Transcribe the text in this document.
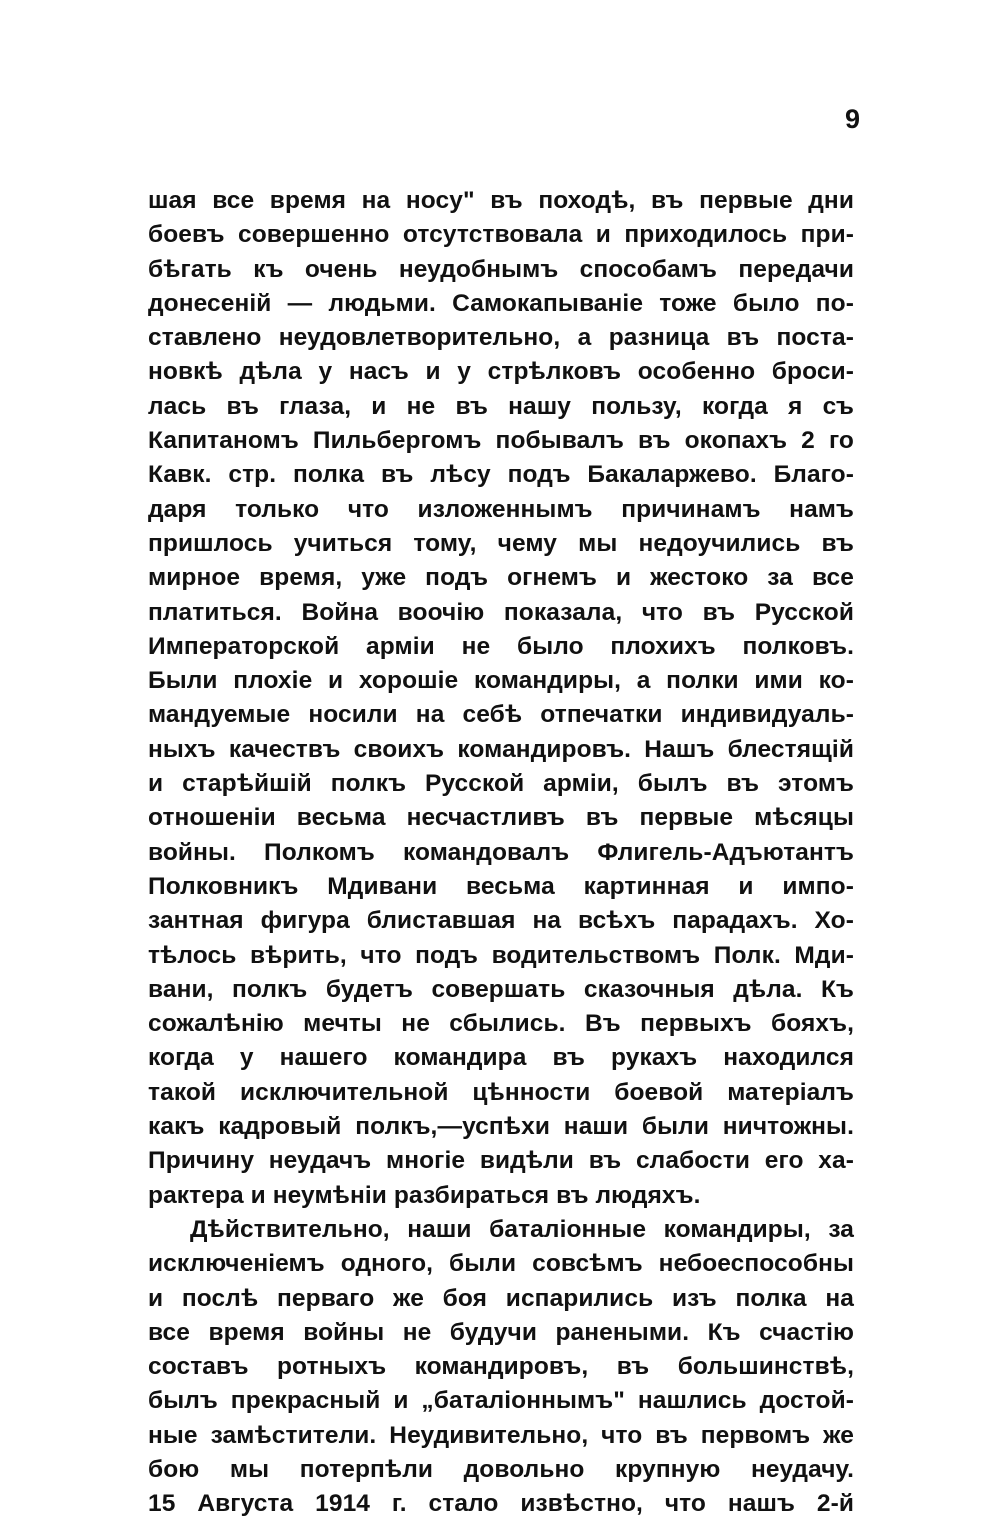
9
шая все время на носу" въ походѣ, въ первые дни
боевъ совершенно отсутствовала и приходилось при-
бѣгать къ очень неудобнымъ способамъ передачи
донесеній — людьми. Самокапываніе тоже было по-
ставлено неудовлетворительно, а разница въ поста-
новкѣ дѣла у насъ и у стрѣлковъ особенно броси-
лась въ глаза, и не въ нашу пользу, когда я съ
Капитаномъ Пильбергомъ побывалъ въ окопахъ 2 го
Кавк. стр. полка въ лѣсу подъ Бакаларжево. Благо-
даря только что изложеннымъ причинамъ намъ
пришлось учиться тому, чему мы недоучились въ
мирное время, уже подъ огнемъ и жестоко за все
платиться. Война воочію показала, что въ Русской
Императорской арміи не было плохихъ полковъ.
Были плохіе и хорошіе командиры, а полки ими ко-
мандуемые носили на себѣ отпечатки индивидуаль-
ныхъ качествъ своихъ командировъ. Нашъ блестящій
и старѣйшій полкъ Русской арміи, былъ въ этомъ
отношеніи весьма несчастливъ въ первые мѣсяцы
войны. Полкомъ командовалъ Флигель-Адъютантъ
Полковникъ Мдивани весьма картинная и импо-
зантная фигура блиставшая на всѣхъ парадахъ. Хо-
тѣлось вѣрить, что подъ водительствомъ Полк. Мди-
вани, полкъ будетъ совершать сказочныя дѣла. Къ
сожалѣнію мечты не сбылись. Въ первыхъ бояхъ,
когда у нашего командира въ рукахъ находился
такой исключительной цѣнности боевой матеріалъ
какъ кадровый полкъ,—успѣхи наши были ничтожны.
Причину неудачъ многіе видѣли въ слабости его ха-
рактера и неумѣніи разбираться въ людяхъ.
Дѣйствительно, наши баталіонные командиры, за
исключеніемъ одного, были совсѣмъ небоеспособны
и послѣ перваго же боя испарились изъ полка на
все время войны не будучи ранеными. Къ счастію
составъ ротныхъ командировъ, въ большинствѣ,
былъ прекрасный и „баталіоннымъ" нашлись достой-
ные замѣстители. Неудивительно, что въ первомъ же
бою мы потерпѣли довольно крупную неудачу.
15 Августа 1914 г. стало извѣстно, что нашъ 2-й
